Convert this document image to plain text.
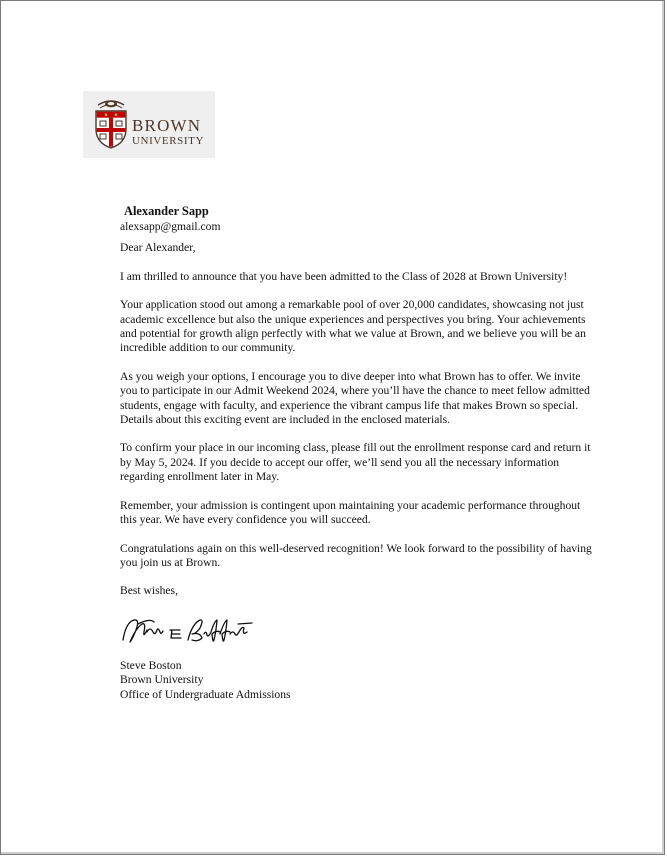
BROWN
UNIVERSITY
Alexander Sapp
alexsapp@gmail.com
Dear Alexander,

I am thrilled to announce that you have been admitted to the Class of 2028 at Brown University!

Your application stood out among a remarkable pool of over 20,000 candidates, showcasing not just academic excellence but also the unique experiences and perspectives you bring. Your achievements and potential for growth align perfectly with what we value at Brown, and we believe you will be an incredible addition to our community.

As you weigh your options, I encourage you to dive deeper into what Brown has to offer. We invite you to participate in our Admit Weekend 2024, where you’ll have the chance to meet fellow admitted students, engage with faculty, and experience the vibrant campus life that makes Brown so special. Details about this exciting event are included in the enclosed materials.

To confirm your place in our incoming class, please fill out the enrollment response card and return it by May 5, 2024. If you decide to accept our offer, we’ll send you all the necessary information regarding enrollment later in May.

Remember, your admission is contingent upon maintaining your academic performance throughout this year. We have every confidence you will succeed.

Congratulations again on this well-deserved recognition! We look forward to the possibility of having you join us at Brown.

Best wishes,
Steve Boston
Brown University
Office of Undergraduate Admissions
